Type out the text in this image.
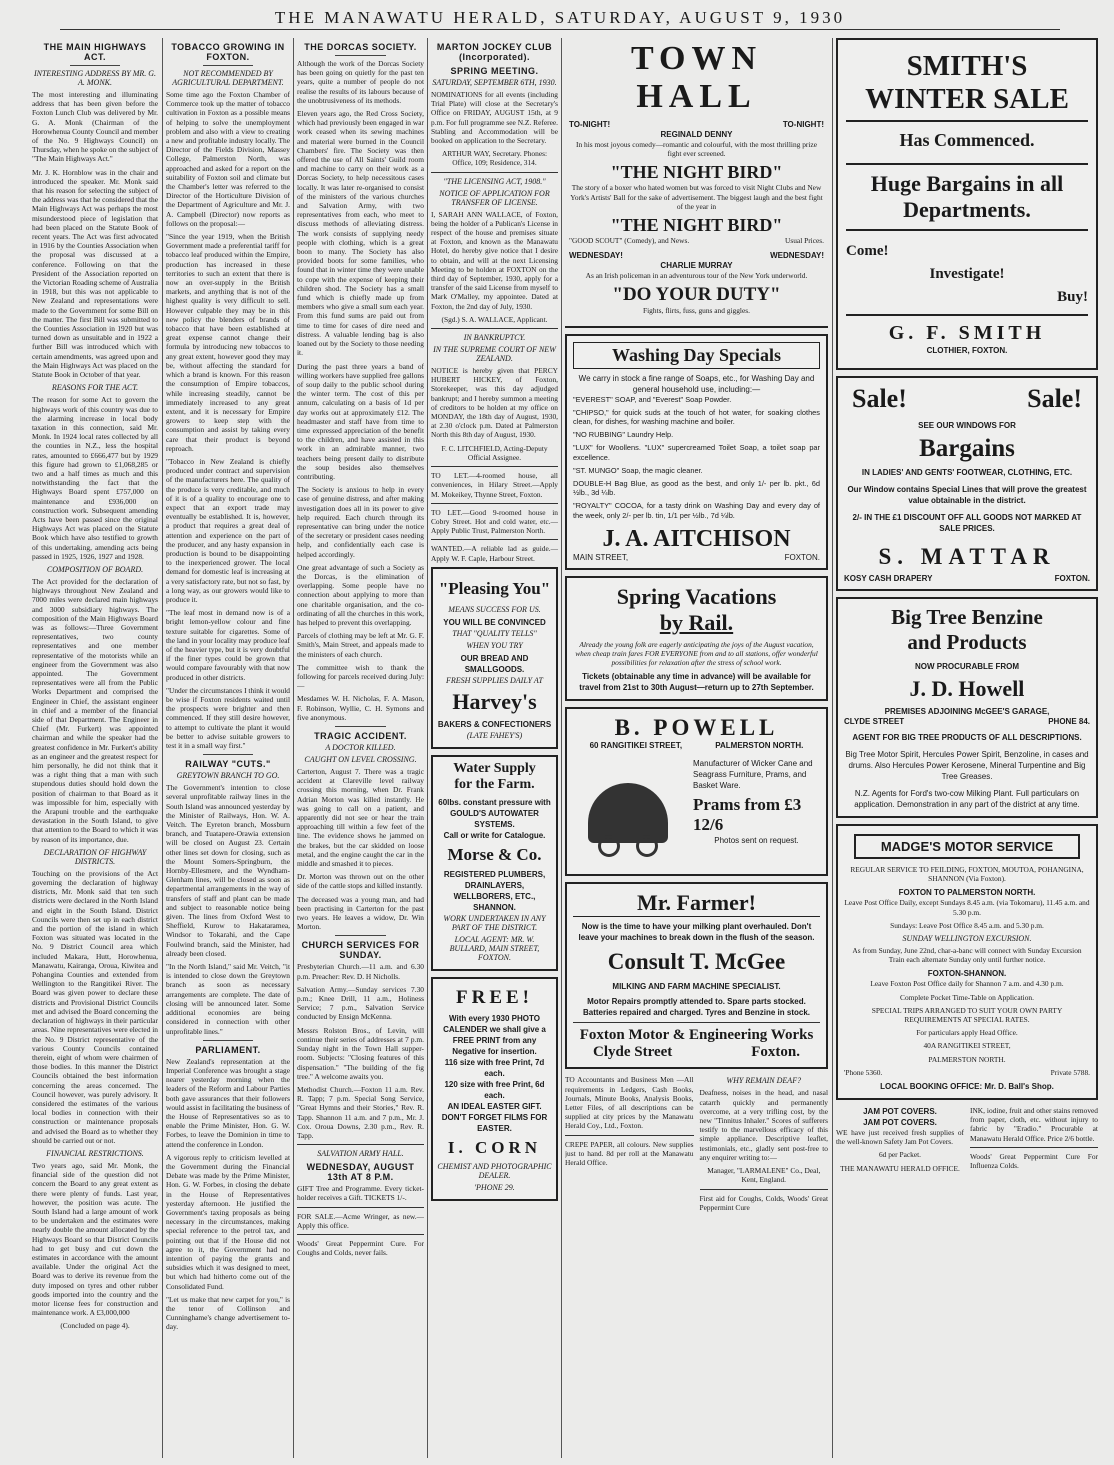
THE MANAWATU HERALD, SATURDAY, AUGUST 9, 1930
THE MAIN HIGHWAYS ACT.
INTERESTING ADDRESS BY MR. G. A. MONK.
The most interesting and illuminating address that has been given before the Foxton Lunch Club was delivered by Mr. G. A. Monk (Chairman of the Horowhenua County Council and member of the No. 9 Highways Council) on Thursday, when he spoke on the subject of "The Main Highways Act."
Mr. J. K. Hornblow was in the chair and introduced the speaker. Mr. Monk said that his reason for selecting the subject of the address was that he considered that the Main Highways Act was perhaps the most misunderstood piece of legislation that had been placed on the Statute Book of recent years. The Act was first advocated in 1916 by the Counties Association when the proposal was discussed at a conference. Following on that the President of the Association reported on the Victorian Roading scheme of Australia in 1918, but this was not applicable to New Zealand and representations were made to the Government for some Bill on the matter. The first Bill was submitted to the Counties Association in 1920 but was turned down as unsuitable and in 1922 a further Bill was introduced which with certain amendments, was agreed upon and the Main Highways Act was placed on the Statute Book in October of that year.
REASONS FOR THE ACT.
The reason for some Act to govern the highways work of this country was due to the alarming increase in local body taxation in this connection, said Mr. Monk. In 1924 local rates collected by all the counties in N.Z., less the hospital rates, amounted to £666,477 but by 1929 this figure had grown to £1,068,285 or two and a half times as much and this notwithstanding the fact that the Highways Board spent £757,000 on maintenance and £936,000 on construction work. Subsequent amending Acts have been passed since the original Highways Act was placed on the Statute Book which have also testified to growth of this undertaking, amending acts being passed in 1925, 1926, 1927 and 1928.
COMPOSITION OF BOARD.
The Act provided for the declaration of highways throughout New Zealand and 7000 miles were declared main highways and 3000 subsidiary highways. The composition of the Main Highways Board was as follows:—Three Government representatives, two county representatives and one member representative of the motorists while an engineer from the Government was also appointed. The Government representatives were all from the Public Works Department and comprised the Engineer in Chief, the assistant engineer in chief and a member of the financial side of that Department. The Engineer in Chief (Mr. Furkert) was appointed chairman and while the speaker had the greatest confidence in Mr. Furkert's ability as an engineer and the greatest respect for him personally, he did not think that it was a right thing that a man with such stupendous duties should hold down the position of chairman to that Board as it was impossible for him, especially with the Arapuni trouble and the earthquake devastation in the South Island, to give that attention to the Board to which it was by reason of its importance, due.
DECLARATION OF HIGHWAY DISTRICTS.
Touching on the provisions of the Act governing the declaration of highway districts, Mr. Monk said that ten such districts were declared in the North Island and eight in the South Island. District Councils were then set up in each district and the portion of the island in which Foxton was situated was located in the No. 9 District Council area which included Makara, Hutt, Horowhenua, Manawatu, Kairanga, Oroua, Kiwitea and Pohangina Counties and extended from Wellington to the Rangitikei River. The Board was given power to declare these districts and Provisional District Councils met and advised the Board concerning the declaration of highways in their particular areas. Nine representatives were elected in the No. 9 District representative of the various County Councils contained therein, eight of whom were chairmen of those bodies. In this manner the District Councils obtained the best information concerning the areas concerned. The Council however, was purely advisory. It considered the estimates of the various local bodies in connection with their construction or maintenance proposals and advised the Board as to whether they should be carried out or not.
FINANCIAL RESTRICTIONS.
Two years ago, said Mr. Monk, the financial side of the question did not concern the Board to any great extent as there were plenty of funds. Last year, however, the position was acute. The South Island had a large amount of work to be undertaken and the estimates were nearly double the amount allocated by the Highways Board so that District Councils had to get busy and cut down the estimates in accordance with the amount available. Under the original Act the Board was to derive its revenue from the duty imposed on tyres and other rubber goods imported into the country and the motor license fees for construction and maintenance work. A £3,000,000
(Concluded on page 4).
TOBACCO GROWING IN FOXTON.
NOT RECOMMENDED BY AGRICULTURAL DEPARTMENT.
Some time ago the Foxton Chamber of Commerce took up the matter of tobacco cultivation in Foxton as a possible means of helping to solve the unemployment problem and also with a view to creating a new and profitable industry locally. The Director of the Fields Division, Massey College, Palmerston North, was approached and asked for a report on the suitability of Foxton soil and climate but the Chamber's letter was referred to the Director of the Horticulture Division of the Department of Agriculture and Mr. J. A. Campbell (Director) now reports as follows on the proposal:—
"Since the year 1919, when the British Government made a preferential tariff for tobacco leaf produced within the Empire, production has increased in these territories to such an extent that there is now an over-supply in the British markets, and anything that is not of the highest quality is very difficult to sell. However culpable they may be in this new policy the blenders of brands of tobacco that have been established at great expense cannot change their formula by introducing new tobaccos to any great extent, however good they may be, without affecting the standard for which a brand is known. For this reason the consumption of Empire tobaccos, while increasing steadily, cannot be immediately increased to any great extent, and it is necessary for Empire growers to keep step with the consumption and assist by taking every care that their product is beyond reproach.
"Tobacco in New Zealand is chiefly produced under contract and supervision of the manufacturers here. The quality of the produce is very creditable, and much of it is of a quality to encourage one to expect that an export trade may eventually be established. It is, however, a product that requires a great deal of attention and experience on the part of the producer, and any hasty expansion in production is bound to be disappointing to the inexperienced grower. The local demand for domestic leaf is increasing at a very satisfactory rate, but not so fast, by a long way, as our growers would like to produce it.
"The leaf most in demand now is of a bright lemon-yellow colour and fine texture suitable for cigarettes. Some of the land in your locality may produce leaf of the heavier type, but it is very doubtful if the finer types could be grown that would compare favourably with that now produced in other districts.
"Under the circumstances I think it would be wise if Foxton residents waited until the prospects were brighter and then commenced. If they still desire however, to attempt to cultivate the plant it would be better to advise suitable growers to test it in a small way first."
RAILWAY "CUTS."
GREYTOWN BRANCH TO GO.
The Government's intention to close several unprofitable railway lines in the South Island was announced yesterday by the Minister of Railways, Hon. W. A. Veitch. The Eyreton branch, Mossburn branch, and Tuatapere-Orawia extension will be closed on August 23. Certain other lines set down for closing, such as the Mount Somers-Springburn, the Hornby-Ellesmere, and the Wyndham-Glenham lines, will be closed as soon as departmental arrangements in the way of transfers of staff and plant can be made and subject to reasonable notice being given. The lines from Oxford West to Sheffield, Kurow to Hakataramea, Windsor to Tokarahi, and the Cape Foulwind branch, said the Minister, had already been closed.
"In the North Island," said Mr. Veitch, "it is intended to close down the Greytown branch as soon as necessary arrangements are complete. The date of closing will be announced later. Some additional economies are being considered in connection with other unprofitable lines."
PARLIAMENT.
New Zealand's representation at the Imperial Conference was brought a stage nearer yesterday morning when the leaders of the Reform and Labour Parties both gave assurances that their followers would assist in facilitating the business of the House of Representatives so as to enable the Prime Minister, Hon. G. W. Forbes, to leave the Dominion in time to attend the conference in London.
A vigorous reply to criticism levelled at the Government during the Financial Debate was made by the Prime Minister, Hon. G. W. Forbes, in closing the debate in the House of Representatives yesterday afternoon. He justified the Government's taxing proposals as being necessary in the circumstances, making special reference to the petrol tax, and pointing out that if the House did not agree to it, the Government had no intention of paying the grants and subsidies which it was designed to meet, but which had hitherto come out of the Consolidated Fund.
"Let us make that new carpet for you," is the tenor of Collinson and Cunninghame's change advertisement to-day.
THE DORCAS SOCIETY.
Although the work of the Dorcas Society has been going on quietly for the past ten years, quite a number of people do not realise the results of its labours because of the unobtrusiveness of its methods.
Eleven years ago, the Red Cross Society, which had previously been engaged in war work ceased when its sewing machines and material were burned in the Council Chambers' fire. The Society was then offered the use of All Saints' Guild room and machine to carry on their work as a Dorcas Society, to help necessitous cases locally. It was later re-organised to consist of the ministers of the various churches and Salvation Army, with two representatives from each, who meet to discuss methods of alleviating distress. The work consists of supplying needy people with clothing, which is a great boon to many. The Society has also provided boots for some families, who found that in winter time they were unable to cope with the expense of keeping their children shod. The Society has a small fund which is chiefly made up from members who give a small sum each year. From this fund sums are paid out from time to time for cases of dire need and distress. A valuable lending bag is also loaned out by the Society to those needing it.
During the past three years a band of willing workers have supplied free gallons of soup daily to the public school during the winter term. The cost of this per annum, calculating on a basis of 1d per day works out at approximately £12. The headmaster and staff have from time to time expressed appreciation of the benefit to the children, and have assisted in this work in an admirable manner, two teachers being present daily to distribute the soup besides also themselves contributing.
The Society is anxious to help in every case of genuine distress, and after making investigation does all in its power to give help required. Each church through its representative can bring under the notice of the secretary or president cases needing help, and confidentially each case is helped accordingly.
One great advantage of such a Society as the Dorcas, is the elimination of overlapping. Some people have no connection about applying to more than one charitable organisation, and the co-ordinating of all the churches in this work, has helped to prevent this overlapping.
Parcels of clothing may be left at Mr. G. F. Smith's, Main Street, and appeals made to the ministers of each church.
The committee wish to thank the following for parcels received during July:—
Mesdames W. H. Nicholas, F. A. Mason, F. Robinson, Wyllie, C. H. Symons and five anonymous.
TRAGIC ACCIDENT.
A DOCTOR KILLED.
CAUGHT ON LEVEL CROSSING.
Carterton, August 7. There was a tragic accident at Clareville level railway crossing this morning, when Dr. Frank Adrian Morton was killed instantly. He was going to call on a patient, and apparently did not see or hear the train approaching till within a few feet of the line. The evidence shows he jammed on the brakes, but the car skidded on loose metal, and the engine caught the car in the middle and smashed it to pieces.
Dr. Morton was thrown out on the other side of the cattle stops and killed instantly.
The deceased was a young man, and had been practising in Carterton for the past two years. He leaves a widow, Dr. Win Morton.
CHURCH SERVICES FOR SUNDAY.
Presbyterian Church.—11 a.m. and 6.30 p.m. Preacher: Rev. D. H Nicholls.
Salvation Army.—Sunday services 7.30 p.m.; Knee Drill, 11 a.m., Holiness Service; 7 p.m., Salvation Service conducted by Ensign McKenna.
Messrs Rolston Bros., of Levin, will continue their series of addresses at 7 p.m. Sunday night in the Town Hall supper-room. Subjects: "Closing features of this dispensation." "The building of the fig tree." A welcome awaits you.
Methodist Church.—Foxton 11 a.m. Rev. R. Tapp; 7 p.m. Special Song Service, "Great Hymns and their Stories," Rev. R. Tapp. Shannon 11 a.m. and 7 p.m., Mr. J. Cox. Oroua Downs, 2.30 p.m., Rev. R. Tapp.
SALVATION ARMY HALL.
WEDNESDAY, AUGUST 13th AT 8 P.M.
GIFT Tree and Programme. Every ticket-holder receives a Gift. TICKETS 1/-.
FOR SALE.—Acme Wringer, as new.—Apply this office.
Woods' Great Peppermint Cure. For Coughs and Colds, never fails.
MARTON JOCKEY CLUB (Incorporated).
SPRING MEETING.
SATURDAY, SEPTEMBER 6TH, 1930.
NOMINATIONS for all events (including Trial Plate) will close at the Secretary's Office on FRIDAY, AUGUST 15th, at 9 p.m. For full programme see N.Z. Referee. Stabling and Accommodation will be booked on application to the Secretary.
ARTHUR WAY, Secretary. Phones: Office, 109; Residence, 314.
"THE LICENSING ACT, 1908."
NOTICE OF APPLICATION FOR TRANSFER OF LICENSE.
I, SARAH ANN WALLACE, of Foxton, being the holder of a Publican's License in respect of the house and premises situate at Foxton, and known as the Manawatu Hotel, do hereby give notice that I desire to obtain, and will at the next Licensing Meeting to be holden at FOXTON on the third day of September, 1930, apply for a transfer of the said License from myself to Mark O'Malley, my appointee. Dated at Foxton, the 2nd day of July, 1930.
(Sgd.) S. A. WALLACE, Applicant.
IN BANKRUPTCY.
IN THE SUPREME COURT OF NEW ZEALAND.
NOTICE is hereby given that PERCY HUBERT HICKEY, of Foxton, Storekeeper, was this day adjudged bankrupt; and I hereby summon a meeting of creditors to be holden at my office on MONDAY, the 18th day of August, 1930, at 2.30 o'clock p.m. Dated at Palmerston North this 8th day of August, 1930.
F. C. LITCHFIELD, Acting-Deputy Official Assignee.
TO LET.—4-roomed house, all conveniences, in Hilary Street.—Apply M. Mokeikey, Thynne Street, Foxton.
TO LET.—Good 9-roomed house in Cobry Street. Hot and cold water, etc.—Apply Public Trust, Palmerston North.
WANTED.—A reliable lad as guide.—Apply W. F. Caple, Harbour Street.
"Pleasing You"
MEANS SUCCESS FOR US.
YOU WILL BE CONVINCED
THAT "QUALITY TELLS"
WHEN YOU TRY
OUR BREAD AND SMALLGOODS.
FRESH SUPPLIES DAILY AT
Harvey's
BAKERS & CONFECTIONERS
(LATE FAHEY'S)
Water Supply
for the Farm.
60lbs. constant pressure with GOULD'S AUTOWATER SYSTEMS.
Call or write for Catalogue.
Morse & Co.
REGISTERED PLUMBERS, DRAINLAYERS, WELLBORERS, ETC., SHANNON.
WORK UNDERTAKEN IN ANY PART OF THE DISTRICT.
LOCAL AGENT: MR. W. BULLARD, MAIN STREET, FOXTON.
FREE!
With every 1930 PHOTO CALENDER we shall give a FREE PRINT from any Negative for insertion.
116 size with free Print, 7d each.
120 size with free Print, 6d each.
AN IDEAL EASTER GIFT.
DON'T FORGET FILMS FOR EASTER.
I. CORN
CHEMIST AND PHOTOGRAPHIC DEALER.
'PHONE 29.
TOWN HALL
TO-NIGHT!	TO-NIGHT!
REGINALD DENNY
In his most joyous comedy—romantic and colourful, with the most thrilling prize fight ever screened.
"THE NIGHT BIRD"
The story of a boxer who hated women but was forced to visit Night Clubs and New York's Artists' Ball for the sake of advertisement. The biggest laugh and the best fight of the year in
"THE NIGHT BIRD"
"GOOD SCOUT" (Comedy), and News.	Usual Prices.
WEDNESDAY!	WEDNESDAY!
CHARLIE MURRAY
As an Irish policeman in an adventurous tour of the New York underworld.
"DO YOUR DUTY"
Fights, flirts, fuss, guns and giggles.
Washing Day Specials
We carry in stock a fine range of Soaps, etc., for Washing Day and general household use, including:—
"EVEREST" SOAP, and "Everest" Soap Powder.
"CHIPSO," for quick suds at the touch of hot water, for soaking clothes clean, for dishes, for washing machine and boiler.
"NO RUBBING" Laundry Help.
"LUX" for Woollens. "LUX" supercreamed Toilet Soap, a toilet soap par excellence.
"ST. MUNGO" Soap, the magic cleaner.
DOUBLE-H Bag Blue, as good as the best, and only 1/- per lb. pkt., 6d ½lb., 3d ¼lb.
"ROYALTY" COCOA, for a tasty drink on Washing Day and every day of the week, only 2/- per lb. tin, 1/1 per ½lb., 7d ¼lb.
J. A. AITCHISON
MAIN STREET,	FOXTON.
Spring Vacations
by Rail.
Already the young folk are eagerly anticipating the joys of the August vacation, when cheap train fares FOR EVERYONE from and to all stations, offer wonderful possibilities for relaxation after the stress of school work.
Tickets (obtainable any time in advance) will be available for travel from 21st to 30th August—return up to 27th September.
B. POWELL
60 RANGITIKEI STREET,	PALMERSTON NORTH.
Manufacturer of Wicker Cane and Seagrass Furniture, Prams, and Basket Ware.
Prams from £3 12/6
Photos sent on request.
Mr. Farmer!
Now is the time to have your milking plant overhauled. Don't leave your machines to break down in the flush of the season.
Consult T. McGee
MILKING AND FARM MACHINE SPECIALIST.
Motor Repairs promptly attended to. Spare parts stocked. Batteries repaired and charged. Tyres and Benzine in stock.
Foxton Motor & Engineering Works
Clyde Street	Foxton.
TO Accountants and Business Men —All requirements in Ledgers, Cash Books, Journals, Minute Books, Analysis Books, Letter Files, of all descriptions can be supplied at city prices by the Manawatu Herald Coy., Ltd., Foxton.
CREPE PAPER, all colours. New supplies just to hand. 8d per roll at the Manawatu Herald Office.
WHY REMAIN DEAF?
Deafness, noises in the head, and nasal catarrh quickly and permanently overcome, at a very trifling cost, by the new "Tinnitus Inhaler." Scores of sufferers testify to the marvellous efficacy of this simple appliance. Descriptive leaflet, testimonials, etc., gladly sent post-free to any enquirer writing to:—
Manager, "LARMALENE" Co., Deal, Kent, England.
First aid for Coughs, Colds, Woods' Great Peppermint Cure
SMITH'S
WINTER SALE
Has Commenced.
Huge Bargains in all Departments.
Come!
Investigate!
Buy!
G. F. SMITH
CLOTHIER, FOXTON.
Sale!	Sale!
SEE OUR WINDOWS FOR
Bargains
IN LADIES' AND GENTS' FOOTWEAR, CLOTHING, ETC.
Our Window contains Special Lines that will prove the greatest value obtainable in the district.
2/- IN THE £1 DISCOUNT OFF ALL GOODS NOT MARKED AT SALE PRICES.
S. MATTAR
KOSY CASH DRAPERY	FOXTON.
Big Tree Benzine
and Products
NOW PROCURABLE FROM
J. D. Howell
PREMISES ADJOINING McGEE'S GARAGE,
CLYDE STREET	PHONE 84.
AGENT FOR BIG TREE PRODUCTS OF ALL DESCRIPTIONS.
Big Tree Motor Spirit, Hercules Power Spirit, Benzoline, in cases and drums. Also Hercules Power Kerosene, Mineral Turpentine and Big Tree Greases.
N.Z. Agents for Ford's two-cow Milking Plant. Full particulars on application. Demonstration in any part of the district at any time.
MADGE'S MOTOR SERVICE
REGULAR SERVICE TO FEILDING, FOXTON, MOUTOA, POHANGINA, SHANNON (Via Foxton).
FOXTON TO PALMERSTON NORTH.
Leave Post Office Daily, except Sundays 8.45 a.m. (via Tokomaru), 11.45 a.m. and 5.30 p.m.
Sundays: Leave Post Office 8.45 a.m. and 5.30 p.m.
SUNDAY WELLINGTON EXCURSION.
As from Sunday, June 22nd, char-a-banc will connect with Sunday Excursion Train each alternate Sunday only until further notice.
FOXTON-SHANNON.
Leave Foxton Post Office daily for Shannon 7 a.m. and 4.30 p.m.
Complete Pocket Time-Table on Application.
SPECIAL TRIPS ARRANGED TO SUIT YOUR OWN PARTY REQUIREMENTS AT SPECIAL RATES.
For particulars apply Head Office.
40A RANGITIKEI STREET,
PALMERSTON NORTH.
'Phone 5360.	Private 5788.
LOCAL BOOKING OFFICE: Mr. D. Ball's Shop.
JAM POT COVERS.
JAM POT COVERS.
WE have just received fresh supplies of the well-known Safety Jam Pot Covers.
6d per Packet.
THE MANAWATU HERALD OFFICE.
INK, iodine, fruit and other stains removed from paper, cloth, etc. without injury to fabric by "Eradio." Procurable at Manawatu Herald Office. Price 2/6 bottle.
Woods' Great Peppermint Cure For Influenza Colds.
